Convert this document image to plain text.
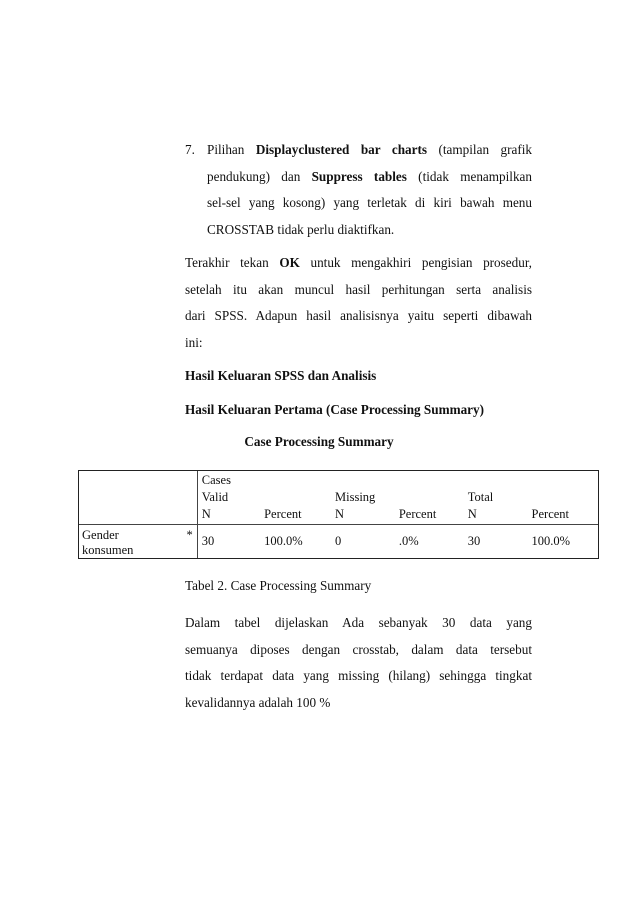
7. Pilihan Displayclustered bar charts (tampilan grafik
pendukung) dan Suppress tables (tidak menampilkan
sel-sel yang kosong) yang terletak di kiri bawah menu
CROSSTAB tidak perlu diaktifkan.
Terakhir tekan OK untuk mengakhiri pengisian prosedur,
setelah itu akan muncul hasil perhitungan serta analisis
dari SPSS. Adapun hasil analisisnya yaitu seperti dibawah
ini:
Hasil Keluaran SPSS dan Analisis
Hasil Keluaran Pertama (Case Processing Summary)
Case Processing Summary
	Cases					
	Valid		Missing		Total	
	N	Percent	N	Percent	N	Percent

Gender *
konsumen	30	100.0%	0	.0%	30	100.0%
Tabel 2. Case Processing Summary
Dalam tabel dijelaskan Ada sebanyak 30 data yang
semuanya diposes dengan crosstab, dalam data tersebut
tidak terdapat data yang missing (hilang) sehingga tingkat
kevalidannya adalah 100 %
